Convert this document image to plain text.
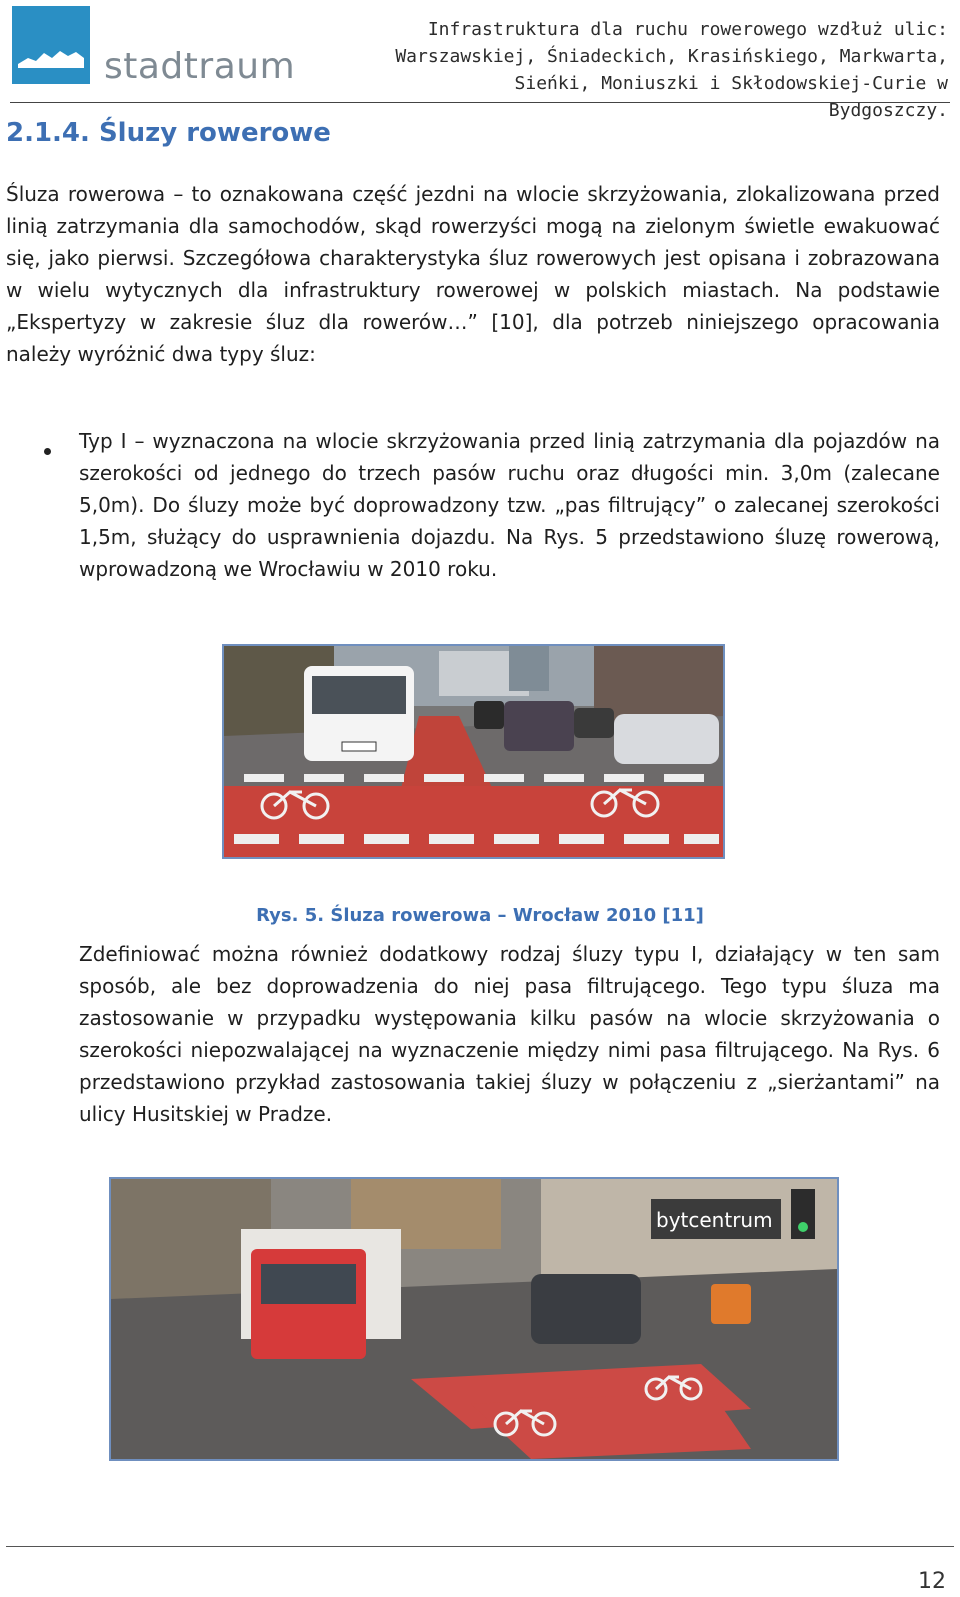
stadtraum
Infrastruktura dla ruchu rowerowego wzdłuż ulic:
Warszawskiej, Śniadeckich, Krasińskiego, Markwarta,
Sieńki, Moniuszki i Skłodowskiej-Curie w Bydgoszczy.
2.1.4. Śluzy rowerowe
Śluza rowerowa – to oznakowana część jezdni na wlocie skrzyżowania, zlokalizowana przed linią zatrzymania dla samochodów, skąd rowerzyści mogą na zielonym świetle ewakuować się, jako pierwsi. Szczegółowa charakterystyka śluz rowerowych jest opisana i zobrazowana w wielu wytycznych dla infrastruktury rowerowej w polskich miastach. Na podstawie „Ekspertyzy w zakresie śluz dla rowerów…” [10], dla potrzeb niniejszego opracowania należy wyróżnić dwa typy śluz:
Typ I – wyznaczona na wlocie skrzyżowania przed linią zatrzymania dla pojazdów na szerokości od jednego do trzech pasów ruchu oraz długości min. 3,0m (zalecane 5,0m). Do śluzy może być doprowadzony tzw. „pas filtrujący” o zalecanej szerokości 1,5m, służący do usprawnienia dojazdu. Na Rys. 5 przedstawiono śluzę rowerową, wprowadzoną we Wrocławiu w 2010 roku.
Rys. 5. Śluza rowerowa – Wrocław 2010 [11]
Zdefiniować można również dodatkowy rodzaj śluzy typu I, działający w ten sam sposób, ale bez doprowadzenia do niej pasa filtrującego. Tego typu śluza ma zastosowanie w przypadku występowania kilku pasów na wlocie skrzyżowania o szerokości niepozwalającej na wyznaczenie między nimi pasa filtrującego. Na Rys. 6 przedstawiono przykład zastosowania takiej śluzy w połączeniu z „sierżantami” na ulicy Husitskiej w Pradze.
bytcentrum
12
